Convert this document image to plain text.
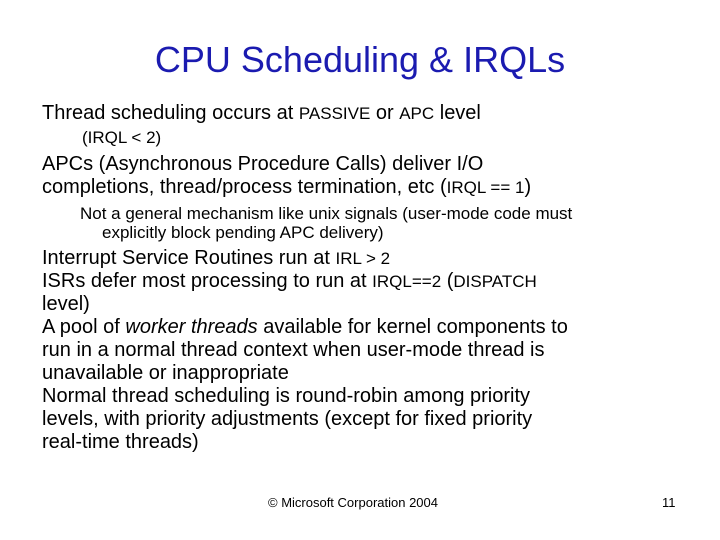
CPU Scheduling & IRQLs
Thread scheduling occurs at PASSIVE or APC level
(IRQL < 2)
APCs (Asynchronous Procedure Calls) deliver I/O
completions, thread/process termination, etc (IRQL == 1)
Not a general mechanism like unix signals (user-mode code must
explicitly block pending APC delivery)
Interrupt Service Routines run at IRL > 2
ISRs defer most processing to run at IRQL==2 (DISPATCH
level)
A pool of worker threads available for kernel components to
run in a normal thread context when user-mode thread is
unavailable or inappropriate
Normal thread scheduling is round-robin among priority
levels, with priority adjustments (except for fixed priority
real-time threads)
© Microsoft Corporation 2004	11
